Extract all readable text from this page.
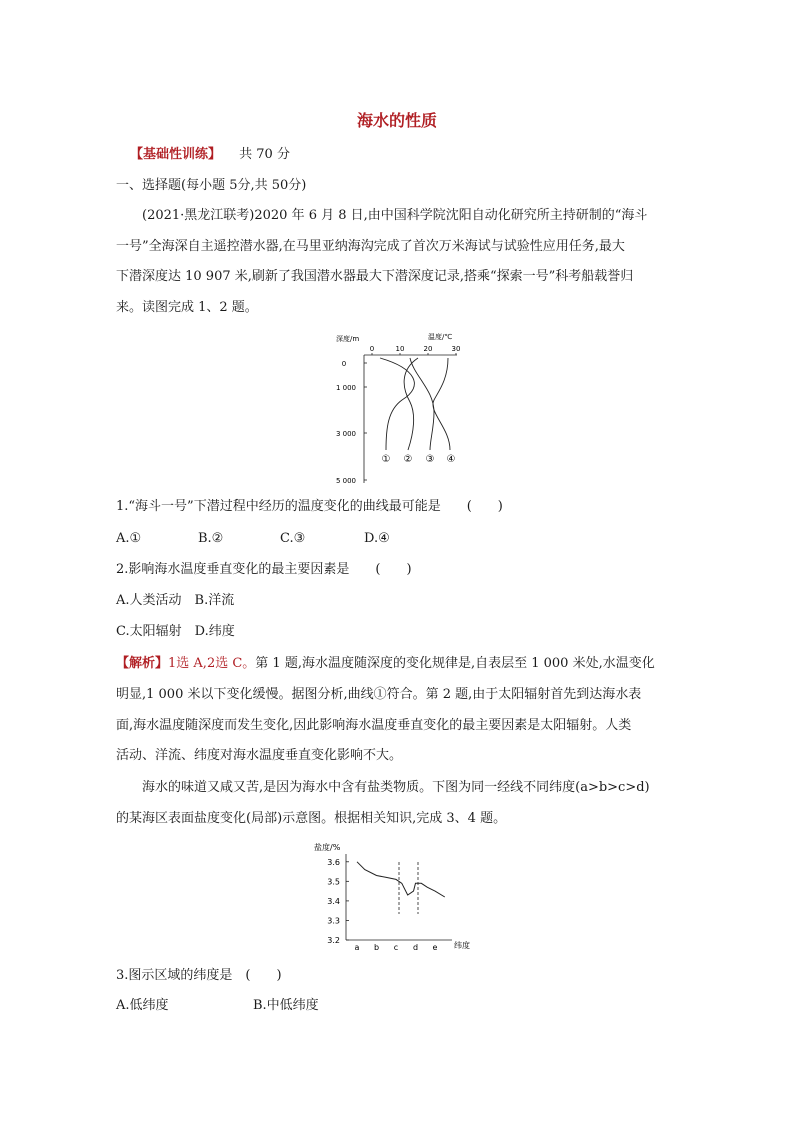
海水的性质
【基础性训练】 共 70 分
一、选择题(每小题 5分,共 50分)
(2021·黑龙江联考)2020 年 6 月 8 日,由中国科学院沈阳自动化研究所主持研制的“海斗
一号”全海深自主遥控潜水器,在马里亚纳海沟完成了首次万米海试与试验性应用任务,最大
下潜深度达 10 907 米,刷新了我国潜水器最大下潜深度记录,搭乘“探索一号”科考船载誉归
来。读图完成 1、2 题。
深度/m	温度/℃
0	10	20	30
0
1 000
3 000
5 000
① ② ③ ④
1.“海斗一号”下潜过程中经历的温度变化的曲线最可能是　　(　　)
A.①	B.②	C.③	D.④
2.影响海水温度垂直变化的最主要因素是　　(　　)
A.人类活动　B.洋流
C.太阳辐射　D.纬度
【解析】1选 A,2选 C。第 1 题,海水温度随深度的变化规律是,自表层至 1 000 米处,水温变化
明显,1 000 米以下变化缓慢。据图分析,曲线①符合。第 2 题,由于太阳辐射首先到达海水表
面,海水温度随深度而发生变化,因此影响海水温度垂直变化的最主要因素是太阳辐射。人类
活动、洋流、纬度对海水温度垂直变化影响不大。
海水的味道又咸又苦,是因为海水中含有盐类物质。下图为同一经线不同纬度(a>b>c>d)
的某海区表面盐度变化(局部)示意图。根据相关知识,完成 3、4 题。
盐度/%
纬度
3.6
3.5
3.4
3.3
3.2
a b c d e
3.图示区域的纬度是　(　　)
A.低纬度	B.中低纬度
